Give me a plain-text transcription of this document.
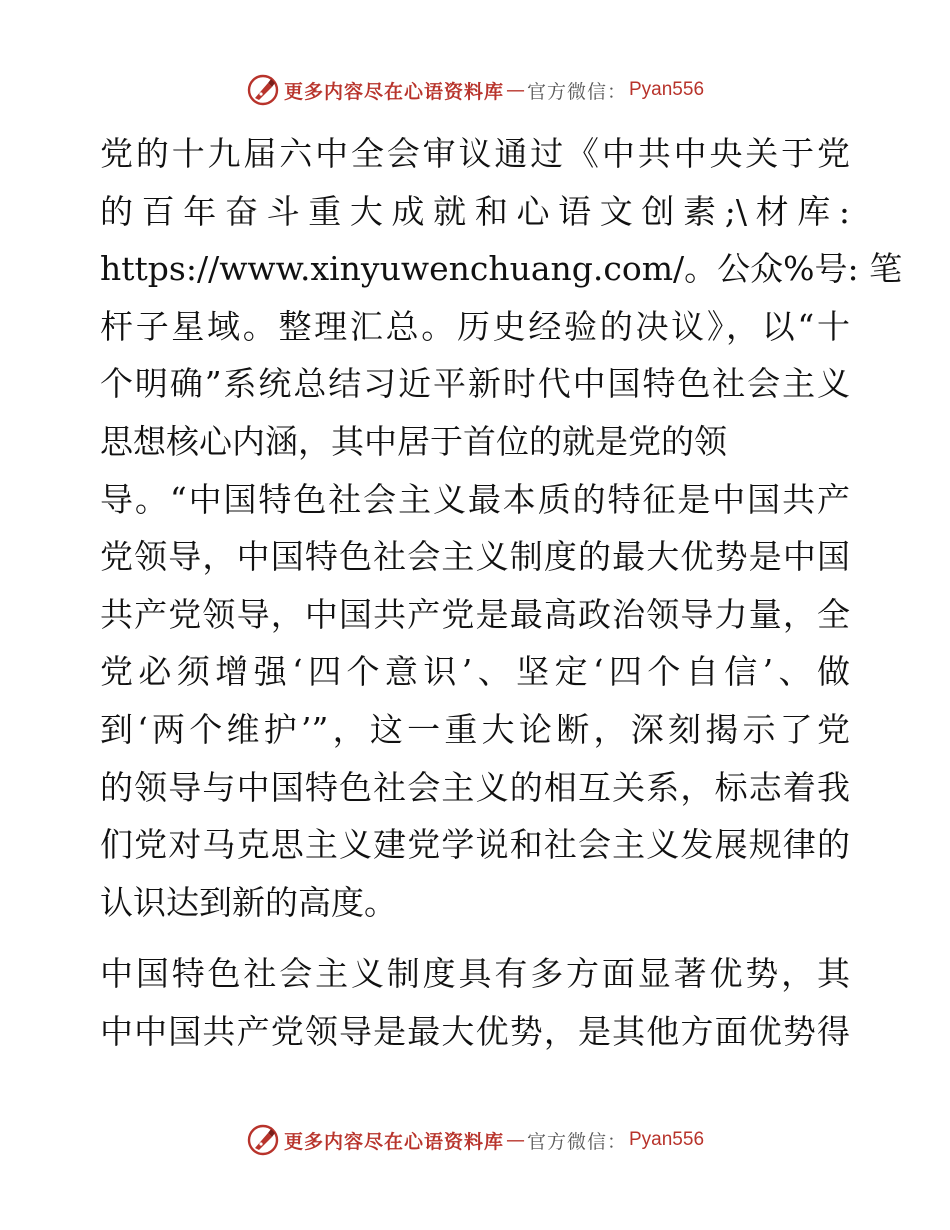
更多内容尽在心语资料库 — 官方微信： Pyan556
党的十九届六中全会审议通过《中共中央关于党
的百年奋斗重大成就和心语文创素;\材库:
https://www.xinyuwenchuang.com/。公众%号: 笔
杆子星域。整理汇总。历史经验的决议》，以“十
个明确”系统总结习近平新时代中国特色社会主义
思想核心内涵，其中居于首位的就是党的领
导。“中国特色社会主义最本质的特征是中国共产
党领导，中国特色社会主义制度的最大优势是中国
共产党领导，中国共产党是最高政治领导力量，全
党必须增强‘四个意识’、坚定‘四个自信’、做
到‘两个维护’”，这一重大论断，深刻揭示了党
的领导与中国特色社会主义的相互关系，标志着我
们党对马克思主义建党学说和社会主义发展规律的
认识达到新的高度。
中国特色社会主义制度具有多方面显著优势，其
中中国共产党领导是最大优势，是其他方面优势得
更多内容尽在心语资料库 — 官方微信： Pyan556
